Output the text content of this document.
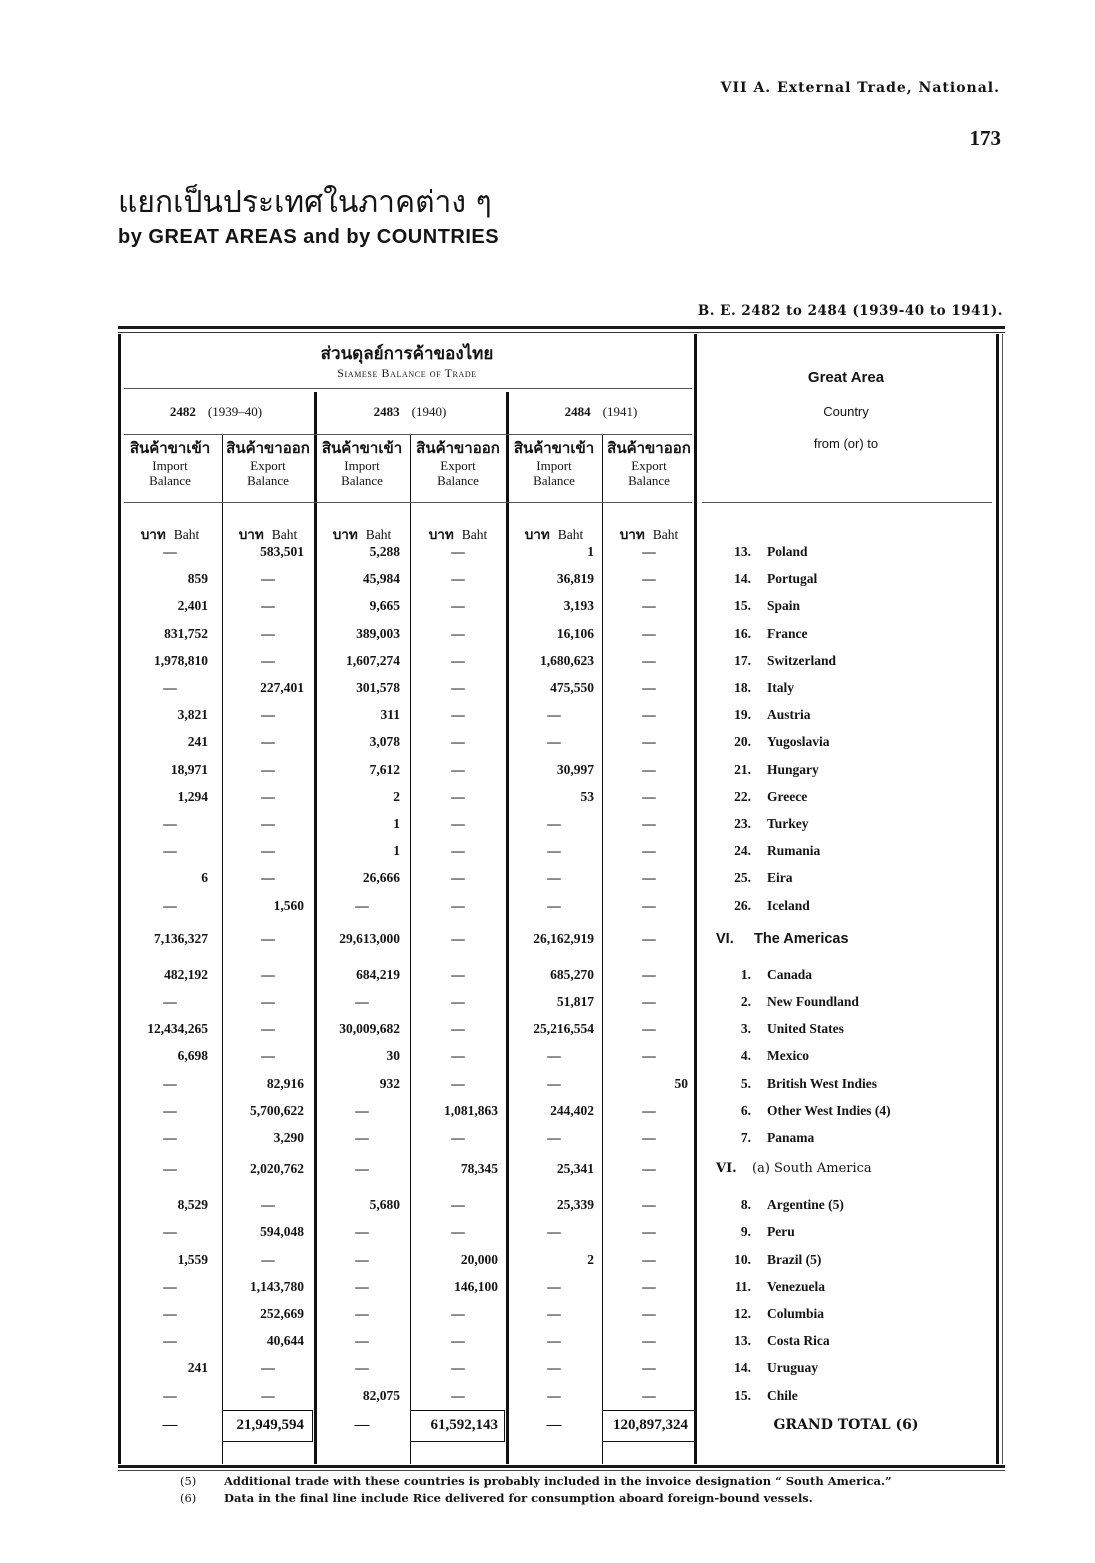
VII A. External Trade, National.
173
แยกเป็นประเทศในภาคต่าง ๆ
by GREAT AREAS and by COUNTRIES
B. E. 2482 to 2484 (1939-40 to 1941).
ส่วนดุลย์การค้าของไทย
Siamese Balance of Trade
2482 (1939–40)	2483 (1940)	2484 (1941)
สินค้าขาเข้า
Import
Balance
บาท Baht
สินค้าขาออก
Export
Balance
บาท Baht
สินค้าขาเข้า
Import
Balance
บาท Baht
สินค้าขาออก
Export
Balance
บาท Baht
สินค้าขาเข้า
Import
Balance
บาท Baht
สินค้าขาออก
Export
Balance
บาท Baht
Great Area
Country
from (or) to
—	583,501	5,288	—	1	—	13. Poland
859	—	45,984	—	36,819	—	14. Portugal
2,401	—	9,665	—	3,193	—	15. Spain
831,752	—	389,003	—	16,106	—	16. France
1,978,810	—	1,607,274	—	1,680,623	—	17. Switzerland
—	227,401	301,578	—	475,550	—	18. Italy
3,821	—	311	—	—	—	19. Austria
241	—	3,078	—	—	—	20. Yugoslavia
18,971	—	7,612	—	30,997	—	21. Hungary
1,294	—	2	—	53	—	22. Greece
—	—	1	—	—	—	23. Turkey
—	—	1	—	—	—	24. Rumania
6	—	26,666	—	—	—	25. Eira
—	1,560	—	—	—	—	26. Iceland
7,136,327	—	29,613,000	—	26,162,919	—	VI. The Americas
482,192	—	684,219	—	685,270	—	1. Canada
—	—	—	—	51,817	—	2. New Foundland
12,434,265	—	30,009,682	—	25,216,554	—	3. United States
6,698	—	30	—	—	—	4. Mexico
—	82,916	932	—	—	50	5. British West Indies
—	5,700,622	—	1,081,863	244,402	—	6. Other West Indies (4)
—	3,290	—	—	—	—	7. Panama
—	2,020,762	—	78,345	25,341	—	VI. (a) South America
8,529	—	5,680	—	25,339	—	8. Argentine (5)
—	594,048	—	—	—	—	9. Peru
1,559	—	—	20,000	2	—	10. Brazil (5)
—	1,143,780	—	146,100	—	—	11. Venezuela
—	252,669	—	—	—	—	12. Columbia
—	40,644	—	—	—	—	13. Costa Rica
241	—	—	—	—	—	14. Uruguay
—	—	82,075	—	—	—	15. Chile
—	21,949,594	—	61,592,143	—	120,897,324	GRAND TOTAL (6)
(5) Additional trade with these countries is probably included in the invoice designation “ South America.”
(6) Data in the final line include Rice delivered for consumption aboard foreign-bound vessels.
